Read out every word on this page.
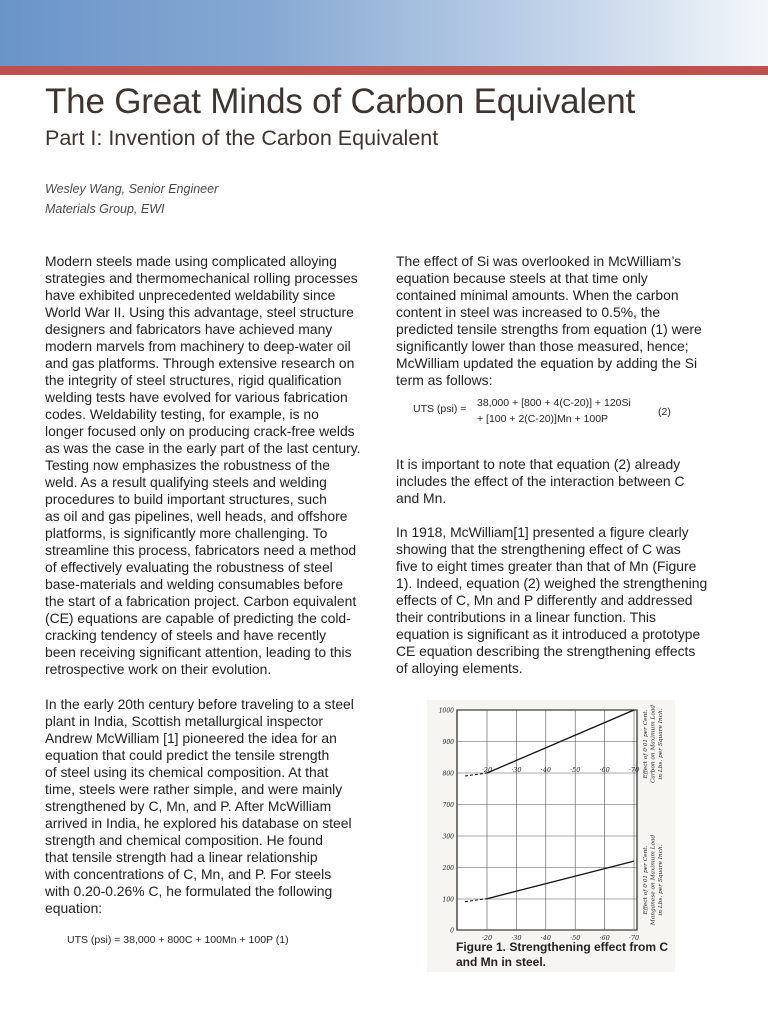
The Great Minds of Carbon Equivalent
Part I: Invention of the Carbon Equivalent
Wesley Wang, Senior Engineer
Materials Group, EWI
Modern steels made using complicated alloying
strategies and thermomechanical rolling processes
have exhibited unprecedented weldability since
World War II. Using this advantage, steel structure
designers and fabricators have achieved many
modern marvels from machinery to deep-water oil
and gas platforms. Through extensive research on
the integrity of steel structures, rigid qualification
welding tests have evolved for various fabrication
codes. Weldability testing, for example, is no
longer focused only on producing crack-free welds
as was the case in the early part of the last century.
Testing now emphasizes the robustness of the
weld. As a result qualifying steels and welding
procedures to build important structures, such
as oil and gas pipelines, well heads, and offshore
platforms, is significantly more challenging. To
streamline this process, fabricators need a method
of effectively evaluating the robustness of steel
base-materials and welding consumables before
the start of a fabrication project. Carbon equivalent
(CE) equations are capable of predicting the cold-
cracking tendency of steels and have recently
been receiving significant attention, leading to this
retrospective work on their evolution.
In the early 20th century before traveling to a steel
plant in India, Scottish metallurgical inspector
Andrew McWilliam [1] pioneered the idea for an
equation that could predict the tensile strength
of steel using its chemical composition. At that
time, steels were rather simple, and were mainly
strengthened by C, Mn, and P. After McWilliam
arrived in India, he explored his database on steel
strength and chemical composition. He found
that tensile strength had a linear relationship
with concentrations of C, Mn, and P. For steels
with 0.20-0.26% C, he formulated the following
equation:
UTS (psi) = 38,000 + 800C + 100Mn + 100P (1)
The effect of Si was overlooked in McWilliam’s
equation because steels at that time only
contained minimal amounts. When the carbon
content in steel was increased to 0.5%, the
predicted tensile strengths from equation (1) were
significantly lower than those measured, hence;
McWilliam updated the equation by adding the Si
term as follows:
UTS (psi) = 38,000 + [800 + 4(C-20)] + 120Si
+ [100 + 2(C-20)]Mn + 100P
(2)
It is important to note that equation (2) already
includes the effect of the interaction between C
and Mn.
In 1918, McWilliam[1] presented a figure clearly
showing that the strengthening effect of C was
five to eight times greater than that of Mn (Figure
1). Indeed, equation (2) weighed the strengthening
effects of C, Mn and P differently and addressed
their contributions in a linear function. This
equation is significant as it introduced a prototype
CE equation describing the strengthening effects
of alloying elements.
·20
·20
·30
·30
·40
·40
·50
·50
·60
·60
·70
·70
0
100
200
300
700
800
900
1000	Effect of 0·01 per Cent. Carbon on Maximum Load in Lbs. per Square Inch.
Effect of 0·01 per Cent. Manganese on Maximum Load in Lbs. per Square Inch.
Figure 1. Strengthening effect from C
and Mn in steel.
